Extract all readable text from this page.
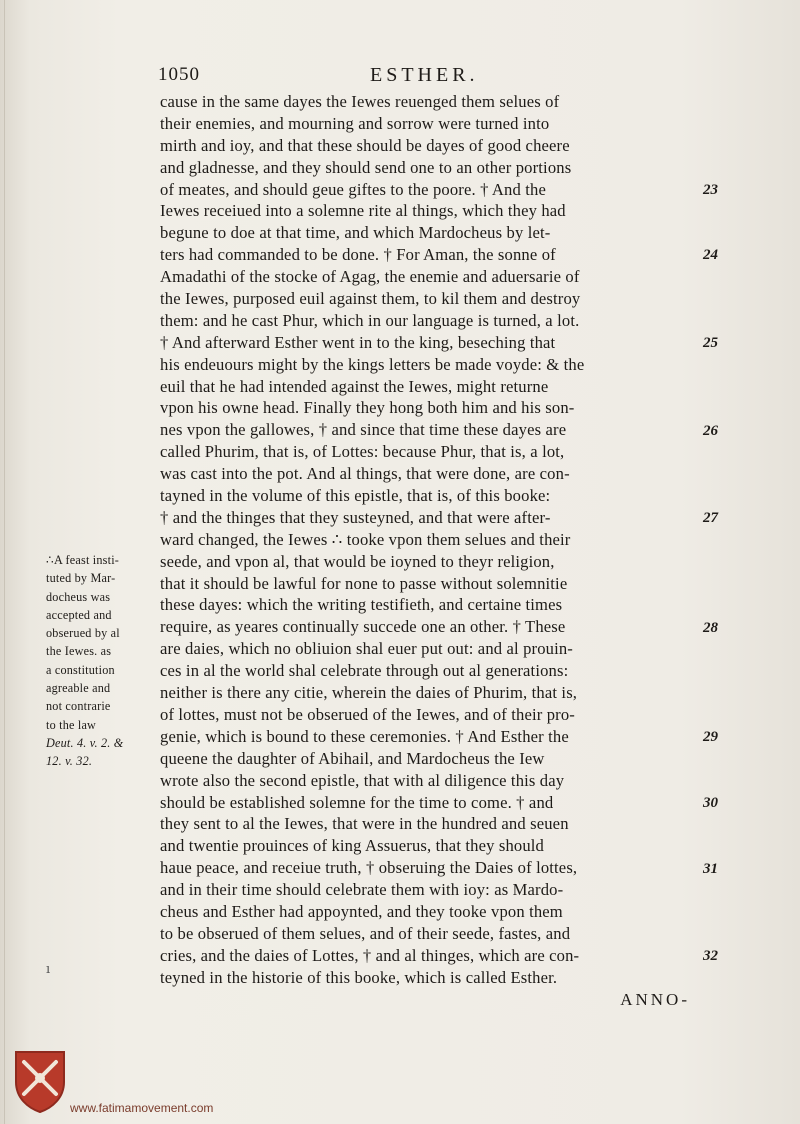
1050	ESTHER.
cause in the same dayes the Iewes reuenged them selues of
their enemies, and mourning and sorrow were turned into
mirth and ioy, and that these should be dayes of good cheere
and gladnesse, and they should send one to an other portions
of meates, and should geue giftes to the poore. † And the
Iewes receiued into a solemne rite al things, which they had
begune to doe at that time, and which Mardocheus by let-
ters had commanded to be done. † For Aman, the sonne of
Amadathi of the stocke of Agag, the enemie and aduersarie of
the Iewes, purposed euil against them, to kil them and destroy
them: and he cast Phur, which in our language is turned, a lot.
† And afterward Esther went in to the king, beseching that
his endeuours might by the kings letters be made voyde: & the
euil that he had intended against the Iewes, might returne
vpon his owne head. Finally they hong both him and his son-
nes vpon the gallowes, † and since that time these dayes are
called Phurim, that is, of Lottes: because Phur, that is, a lot,
was cast into the pot. And al things, that were done, are con-
tayned in the volume of this epistle, that is, of this booke:
† and the thinges that they susteyned, and that were after-
ward changed, the Iewes ∴ tooke vpon them selues and their
seede, and vpon al, that would be ioyned to theyr religion,
that it should be lawful for none to passe without solemnitie
these dayes: which the writing testifieth, and certaine times
require, as yeares continually succede one an other. † These
are daies, which no obliuion shal euer put out: and al prouin-
ces in al the world shal celebrate through out al generations:
neither is there any citie, wherein the daies of Phurim, that is,
of lottes, must not be obserued of the Iewes, and of their pro-
genie, which is bound to these ceremonies. † And Esther the
queene the daughter of Abihail, and Mardocheus the Iew
wrote also the second epistle, that with al diligence this day
should be established solemne for the time to come. † and
they sent to al the Iewes, that were in the hundred and seuen
and twentie prouinces of king Assuerus, that they should
haue peace, and receiue truth, † obseruing the Daies of lottes,
and in their time should celebrate them with ioy: as Mardo-
cheus and Esther had appoynted, and they tooke vpon them
to be obserued of them selues, and of their seede, fastes, and
cries, and the daies of Lottes, † and al thinges, which are con-
teyned in the historie of this booke, which is called Esther.
ANNO-
23
24
25
26
27
28
29
30
31
32
∴A feast insti-
tuted by Mar-
docheus was
accepted and
obserued by al
the Iewes. as
a constitution
agreable and
not contrarie
to the law
Deut. 4. v. 2. &
12. v. 32.
ı
www.fatimamovement.com
